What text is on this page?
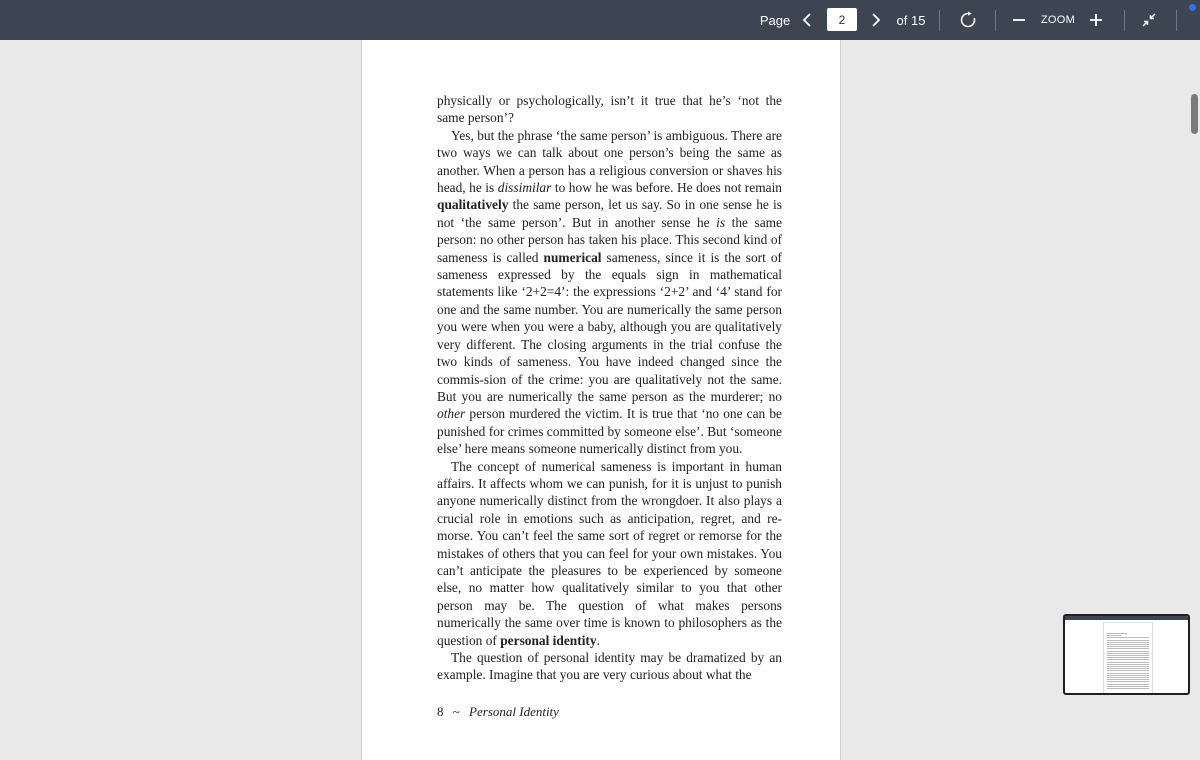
Page
2	of 15	ZOOM

physically or psychologically, isn’t it true that he’s ‘not the same person’?

Yes, but the phrase ‘the same person’ is ambiguous. There are two ways we can talk about one person’s being the same as another. When a person has a religious conversion or shaves his head, he is dissimilar to how he was before. He does not remain qualitatively the same person, let us say. So in one sense he is not ‘the same person’. But in another sense he is the same person: no other person has taken his place. This second kind of sameness is called numerical sameness, since it is the sort of sameness expressed by the equals sign in mathematical statements like ‘2+2=4’: the expressions ‘2+2’ and ‘4’ stand for one and the same number. You are numerically the same person you were when you were a baby, although you are qualitatively very different. The closing arguments in the trial confuse the two kinds of sameness. You have indeed changed since the commis-sion of the crime: you are qualitatively not the same. But you are numerically the same person as the murderer; no other person murdered the victim. It is true that ‘no one can be punished for crimes committed by someone else’. But ‘someone else’ here means someone numerically distinct from you.

The concept of numerical sameness is important in human affairs. It affects whom we can punish, for it is unjust to punish anyone numerically distinct from the wrongdoer. It also plays a crucial role in emotions such as anticipation, regret, and re-morse. You can’t feel the same sort of regret or remorse for the mistakes of others that you can feel for your own mistakes. You can’t anticipate the pleasures to be experienced by someone else, no matter how qualitatively similar to you that other person may be. The question of what makes persons numerically the same over time is known to philosophers as the question of personal identity.

The question of personal identity may be dramatized by an example. Imagine that you are very curious about what the

8 ~ Personal Identity
